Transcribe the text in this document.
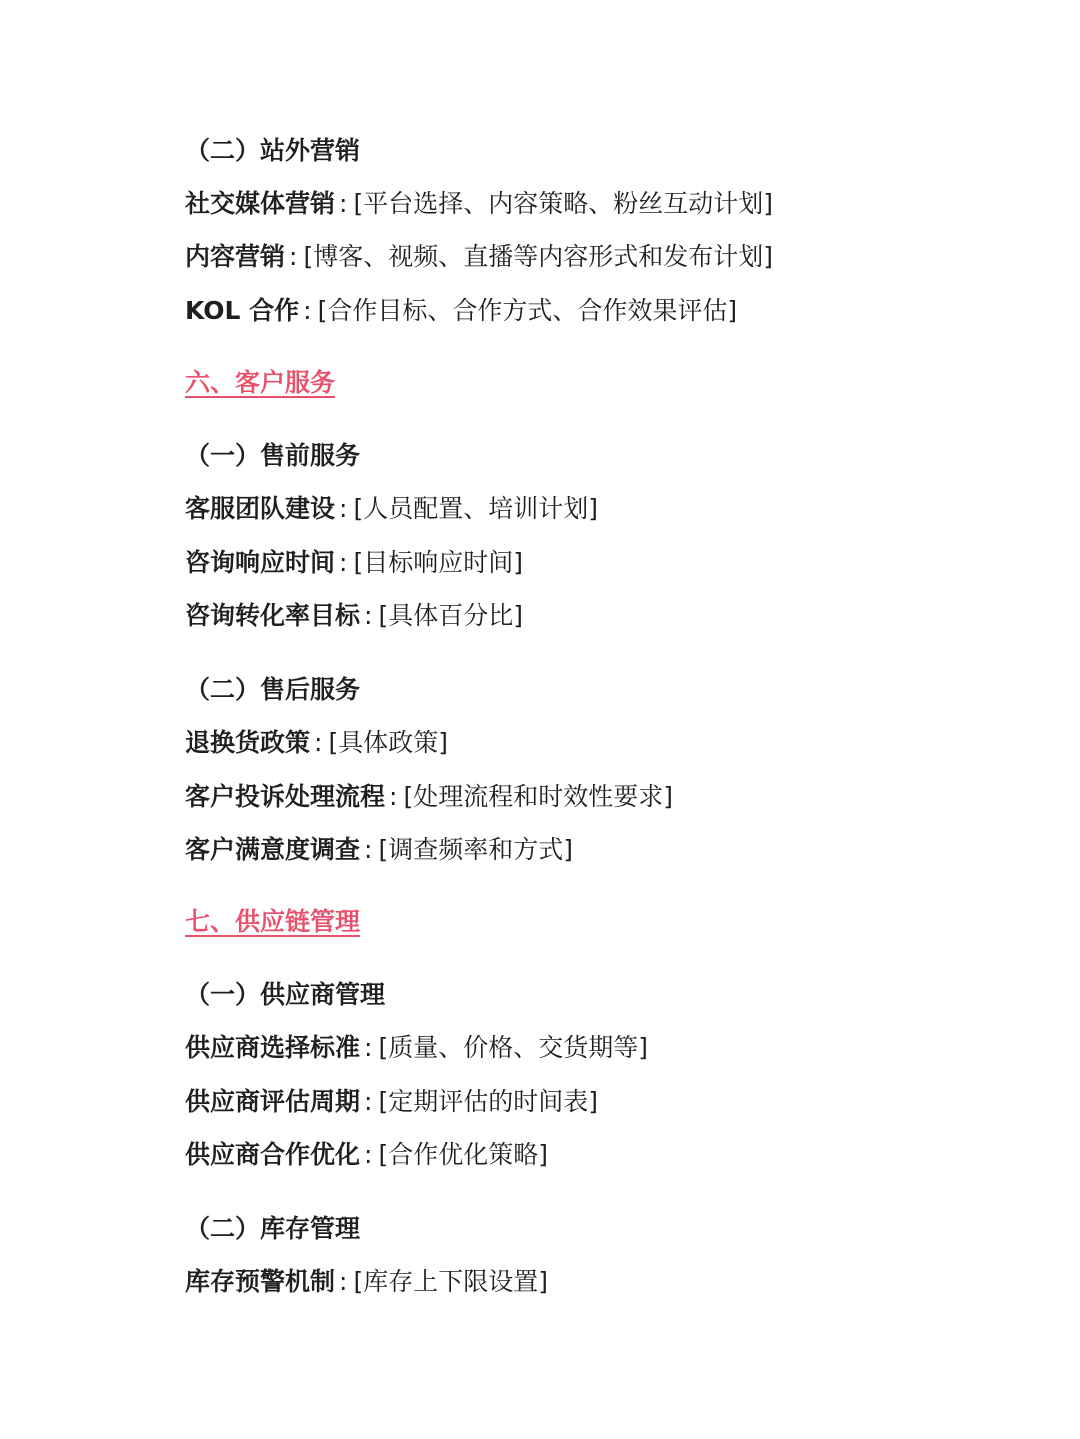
（二）站外营销
社交媒体营销 : [平台选择、内容策略、粉丝互动计划]
内容营销 : [博客、视频、直播等内容形式和发布计划]
KOL 合作 : [合作目标、合作方式、合作效果评估]
六、客户服务
（一）售前服务
客服团队建设 : [人员配置、培训计划]
咨询响应时间 : [目标响应时间]
咨询转化率目标 : [具体百分比]
（二）售后服务
退换货政策 : [具体政策]
客户投诉处理流程 : [处理流程和时效性要求]
客户满意度调查 : [调查频率和方式]
七、供应链管理
（一）供应商管理
供应商选择标准 : [质量、价格、交货期等]
供应商评估周期 : [定期评估的时间表]
供应商合作优化 : [合作优化策略]
（二）库存管理
库存预警机制 : [库存上下限设置]
